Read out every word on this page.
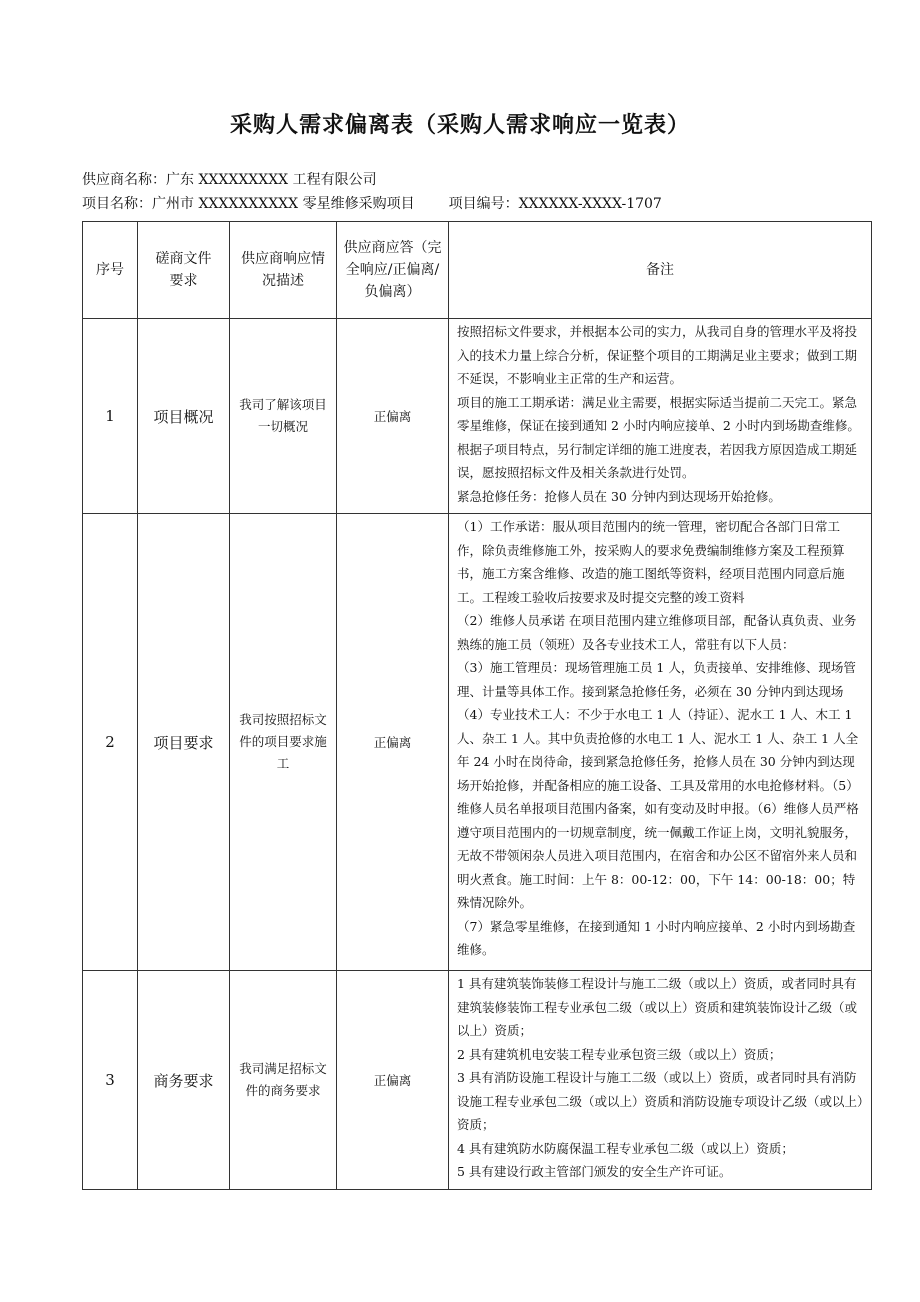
采购人需求偏离表（采购人需求响应一览表）
供应商名称：广东 XXXXXXXXX 工程有限公司
项目名称：广州市 XXXXXXXXXX 零星维修采购项目 项目编号：XXXXXX-XXXX-1707
序号	磋商文件要求	供应商响应情况描述	供应商应答（完全响应/正偏离/负偏离）	备注

1	项目概况	我司了解该项目一切概况	正偏离	按照招标文件要求，并根据本公司的实力，从我司自身的管理水平及将投入的技术力量上综合分析，保证整个项目的工期满足业主要求；做到工期不延误，不影响业主正常的生产和运营。

项目的施工工期承诺：满足业主需要，根据实际适当提前二天完工。紧急零星维修，保证在接到通知 2 小时内响应接单、2 小时内到场勘查维修。根据子项目特点，另行制定详细的施工进度表，若因我方原因造成工期延误，愿按照招标文件及相关条款进行处罚。

紧急抢修任务：抢修人员在 30 分钟内到达现场开始抢修。

2	项目要求	我司按照招标文件的项目要求施工	正偏离	（1）工作承诺：服从项目范围内的统一管理，密切配合各部门日常工作，除负责维修施工外，按采购人的要求免费编制维修方案及工程预算书，施工方案含维修、改造的施工图纸等资料，经项目范围内同意后施工。工程竣工验收后按要求及时提交完整的竣工资料

（2）维修人员承诺 在项目范围内建立维修项目部，配备认真负责、业务熟练的施工员（领班）及各专业技术工人，常驻有以下人员：

（3）施工管理员：现场管理施工员 1 人，负责接单、安排维修、现场管理、计量等具体工作。接到紧急抢修任务，必须在 30 分钟内到达现场（4）专业技术工人：不少于水电工 1 人（持证）、泥水工 1 人、木工 1 人、杂工 1 人。其中负责抢修的水电工 1 人、泥水工 1 人、杂工 1 人全年 24 小时在岗待命，接到紧急抢修任务，抢修人员在 30 分钟内到达现场开始抢修，并配备相应的施工设备、工具及常用的水电抢修材料。（5）维修人员名单报项目范围内备案，如有变动及时申报。（6）维修人员严格遵守项目范围内的一切规章制度，统一佩戴工作证上岗，文明礼貌服务，无故不带领闲杂人员进入项目范围内，在宿舍和办公区不留宿外来人员和明火煮食。施工时间：上午 8：00-12：00，下午 14：00-18：00；特殊情况除外。

（7）紧急零星维修，在接到通知 1 小时内响应接单、2 小时内到场勘查维修。

3	商务要求	我司满足招标文件的商务要求	正偏离	1 具有建筑装饰装修工程设计与施工二级（或以上）资质，或者同时具有建筑装修装饰工程专业承包二级（或以上）资质和建筑装饰设计乙级（或以上）资质；

2 具有建筑机电安装工程专业承包资三级（或以上）资质；

3 具有消防设施工程设计与施工二级（或以上）资质，或者同时具有消防设施工程专业承包二级（或以上）资质和消防设施专项设计乙级（或以上）资质；

4 具有建筑防水防腐保温工程专业承包二级（或以上）资质；

5 具有建设行政主管部门颁发的安全生产许可证。
